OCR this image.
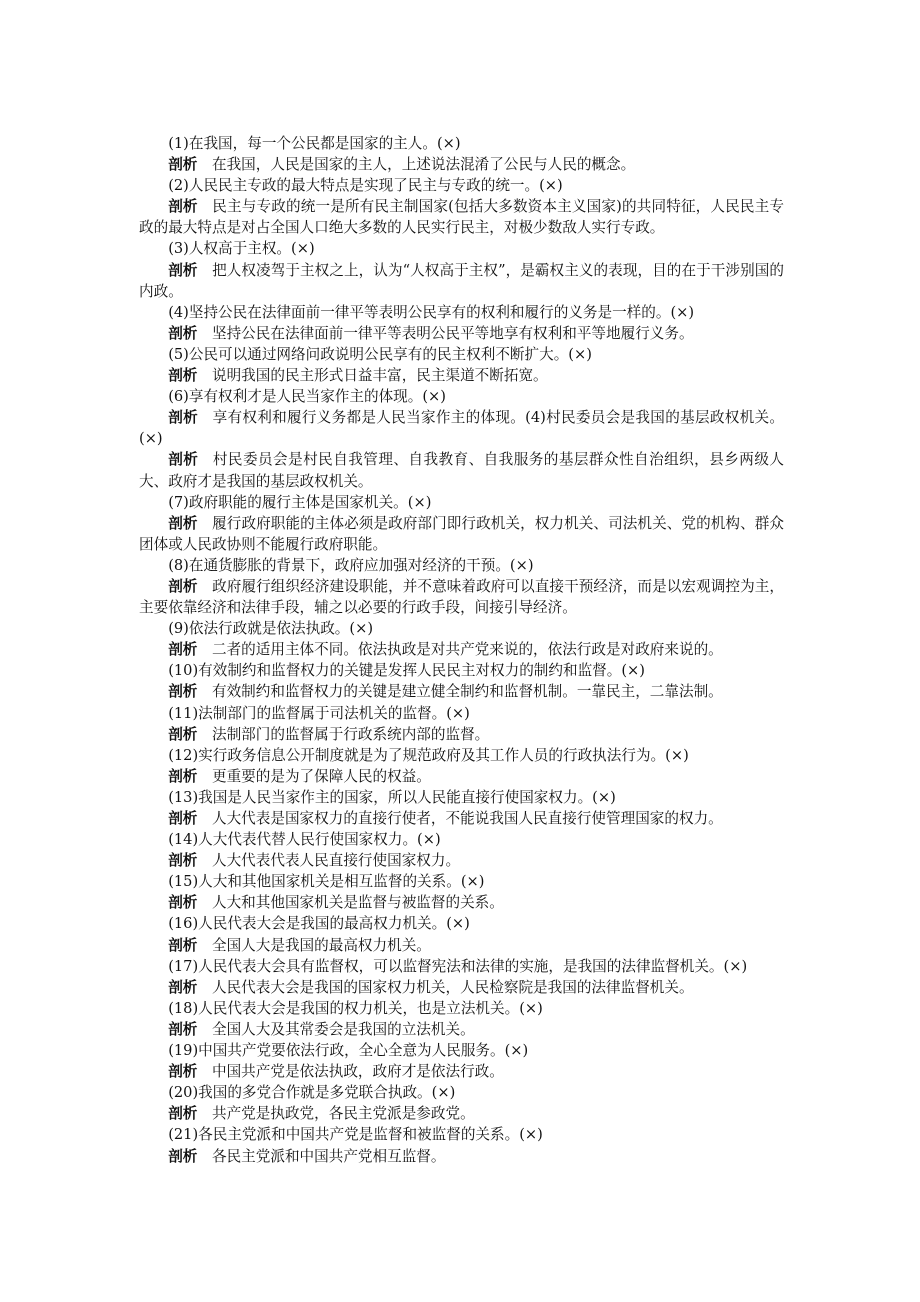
(1)在我国，每一个公民都是国家的主人。(×)

剖析 在我国，人民是国家的主人，上述说法混淆了公民与人民的概念。

(2)人民民主专政的最大特点是实现了民主与专政的统一。(×)

剖析 民主与专政的统一是所有民主制国家(包括大多数资本主义国家)的共同特征，人民民主专政的最大特点是对占全国人口绝大多数的人民实行民主，对极少数敌人实行专政。

(3)人权高于主权。(×)

剖析 把人权凌驾于主权之上，认为“人权高于主权”，是霸权主义的表现，目的在于干涉别国的内政。

(4)坚持公民在法律面前一律平等表明公民享有的权利和履行的义务是一样的。(×)

剖析 坚持公民在法律面前一律平等表明公民平等地享有权利和平等地履行义务。

(5)公民可以通过网络问政说明公民享有的民主权利不断扩大。(×)

剖析 说明我国的民主形式日益丰富，民主渠道不断拓宽。

(6)享有权利才是人民当家作主的体现。(×)

剖析 享有权利和履行义务都是人民当家作主的体现。(4)村民委员会是我国的基层政权机关。(×)

剖析 村民委员会是村民自我管理、自我教育、自我服务的基层群众性自治组织，县乡两级人大、政府才是我国的基层政权机关。

(7)政府职能的履行主体是国家机关。(×)

剖析 履行政府职能的主体必须是政府部门即行政机关，权力机关、司法机关、党的机构、群众团体或人民政协则不能履行政府职能。

(8)在通货膨胀的背景下，政府应加强对经济的干预。(×)

剖析 政府履行组织经济建设职能，并不意味着政府可以直接干预经济，而是以宏观调控为主，主要依靠经济和法律手段，辅之以必要的行政手段，间接引导经济。

(9)依法行政就是依法执政。(×)

剖析 二者的适用主体不同。依法执政是对共产党来说的，依法行政是对政府来说的。

(10)有效制约和监督权力的关键是发挥人民民主对权力的制约和监督。(×)

剖析 有效制约和监督权力的关键是建立健全制约和监督机制。一靠民主，二靠法制。

(11)法制部门的监督属于司法机关的监督。(×)

剖析 法制部门的监督属于行政系统内部的监督。

(12)实行政务信息公开制度就是为了规范政府及其工作人员的行政执法行为。(×)

剖析 更重要的是为了保障人民的权益。

(13)我国是人民当家作主的国家，所以人民能直接行使国家权力。(×)

剖析 人大代表是国家权力的直接行使者，不能说我国人民直接行使管理国家的权力。

(14)人大代表代替人民行使国家权力。(×)

剖析 人大代表代表人民直接行使国家权力。

(15)人大和其他国家机关是相互监督的关系。(×)

剖析 人大和其他国家机关是监督与被监督的关系。

(16)人民代表大会是我国的最高权力机关。(×)

剖析 全国人大是我国的最高权力机关。

(17)人民代表大会具有监督权，可以监督宪法和法律的实施，是我国的法律监督机关。(×)

剖析 人民代表大会是我国的国家权力机关，人民检察院是我国的法律监督机关。

(18)人民代表大会是我国的权力机关，也是立法机关。(×)

剖析 全国人大及其常委会是我国的立法机关。

(19)中国共产党要依法行政，全心全意为人民服务。(×)

剖析 中国共产党是依法执政，政府才是依法行政。

(20)我国的多党合作就是多党联合执政。(×)

剖析 共产党是执政党，各民主党派是参政党。

(21)各民主党派和中国共产党是监督和被监督的关系。(×)

剖析 各民主党派和中国共产党相互监督。
